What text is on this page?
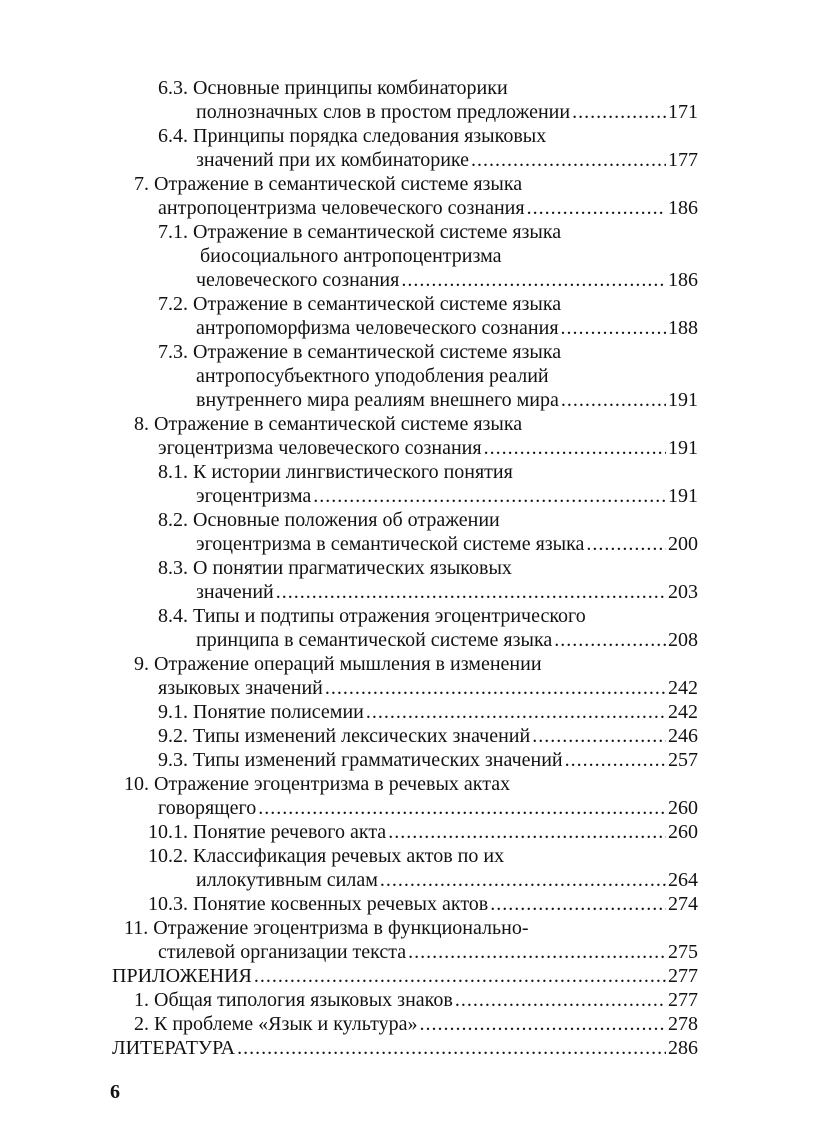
6.3. Основные принципы комбинаторики
полнозначных слов в простом предложении .....	171
6.4. Принципы порядка следования языковых
значений при их комбинаторике .....	177
7. Отражение в семантической системе языка
антропоцентризма человеческого сознания .....	186
7.1. Отражение в семантической системе языка
биосоциального антропоцентризма
человеческого сознания .....	186
7.2. Отражение в семантической системе языка
антропоморфизма человеческого сознания .....	188
7.3. Отражение в семантической системе языка
антропосубъектного уподобления реалий
внутреннего мира реалиям внешнего мира .....	191
8. Отражение в семантической системе языка
эгоцентризма человеческого сознания .....	191
8.1. К истории лингвистического понятия
эгоцентризма .....	191
8.2. Основные положения об отражении
эгоцентризма в семантической системе языка .....	200
8.3. О понятии прагматических языковых
значений .....	203
8.4. Типы и подтипы отражения эгоцентрического
принципа в семантической системе языка .....	208
9. Отражение операций мышления в изменении
языковых значений .....	242
9.1. Понятие полисемии .....	242
9.2. Типы изменений лексических значений .....	246
9.3. Типы изменений грамматических значений .....	257
10. Отражение эгоцентризма в речевых актах
говорящего .....	260
10.1. Понятие речевого акта .....	260
10.2. Классификация речевых актов по их
иллокутивным силам .....	264
10.3. Понятие косвенных речевых актов .....	274
11. Отражение эгоцентризма в функционально-
стилевой организации текста .....	275
ПРИЛОЖЕНИЯ .....	277
1. Общая типология языковых знаков .....	277
2. К проблеме «Язык и культура» .....	278
ЛИТЕРАТУРА .....	286
6
